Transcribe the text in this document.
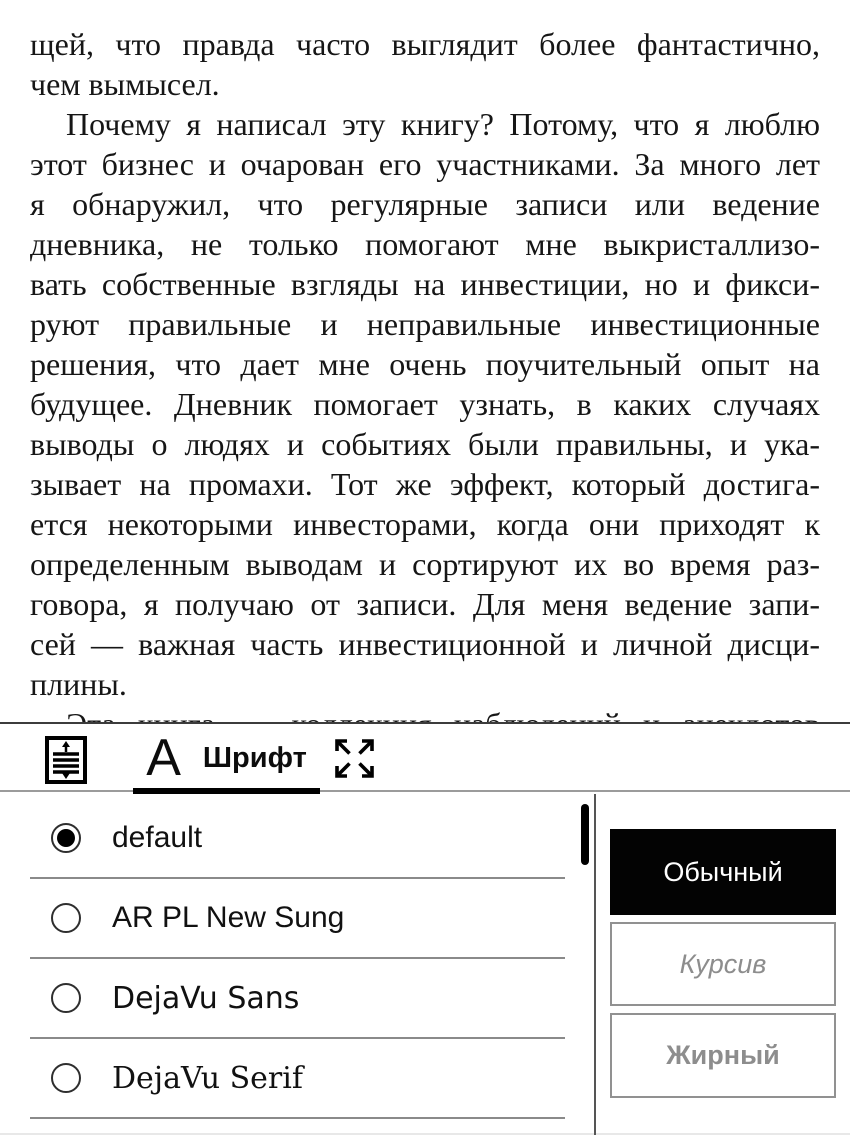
щей, что правда часто выглядит более фантастично,
чем вымысел.
Почему я написал эту книгу? Потому, что я люблю
этот бизнес и очарован его участниками. За много лет
я обнаружил, что регулярные записи или ведение
дневника, не только помогают мне выкристаллизо-
вать собственные взгляды на инвестиции, но и фикси-
руют правильные и неправильные инвестиционные
решения, что дает мне очень поучительный опыт на
будущее. Дневник помогает узнать, в каких случаях
выводы о людях и событиях были правильны, и ука-
зывает на промахи. Тот же эффект, который достига-
ется некоторыми инвесторами, когда они приходят к
определенным выводам и сортируют их во время раз-
говора, я получаю от записи. Для меня ведение запи-
сей — важная часть инвестиционной и личной дисци-
плины.
A Шрифт
default
AR PL New Sung
DejaVu Sans
DejaVu Serif
Обычный
Курсив
Жирный
